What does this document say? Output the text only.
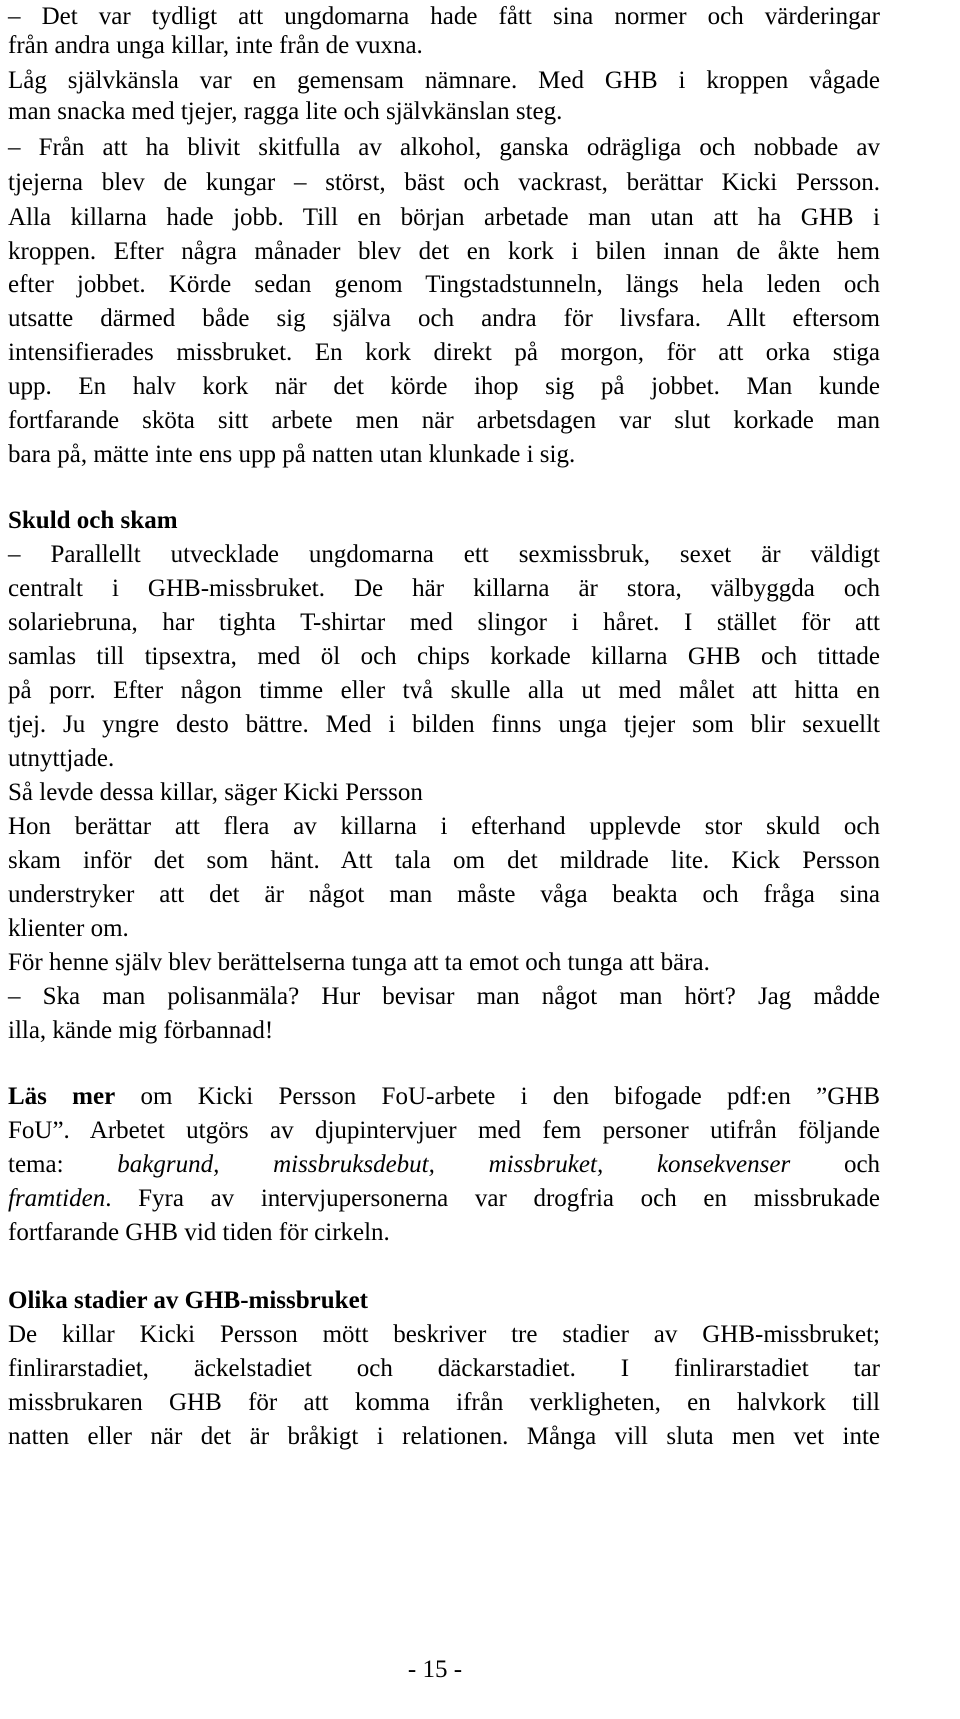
– Det var tydligt att ungdomarna hade fått sina normer och värderingar
från andra unga killar, inte från de vuxna.
Låg självkänsla var en gemensam nämnare. Med GHB i kroppen vågade
man snacka med tjejer, ragga lite och självkänslan steg.
– Från att ha blivit skitfulla av alkohol, ganska odrägliga och nobbade av
tjejerna blev de kungar – störst, bäst och vackrast, berättar Kicki Persson.
Alla killarna hade jobb. Till en början arbetade man utan att ha GHB i
kroppen. Efter några månader blev det en kork i bilen innan de åkte hem
efter jobbet. Körde sedan genom Tingstadstunneln, längs hela leden och
utsatte därmed både sig själva och andra för livsfara. Allt eftersom
intensifierades missbruket. En kork direkt på morgon, för att orka stiga
upp. En halv kork när det körde ihop sig på jobbet. Man kunde
fortfarande sköta sitt arbete men när arbetsdagen var slut korkade man
bara på, mätte inte ens upp på natten utan klunkade i sig.
Skuld och skam
– Parallellt utvecklade ungdomarna ett sexmissbruk, sexet är väldigt
centralt i GHB-missbruket. De här killarna är stora, välbyggda och
solariebruna, har tighta T-shirtar med slingor i håret. I stället för att
samlas till tipsextra, med öl och chips korkade killarna GHB och tittade
på porr. Efter någon timme eller två skulle alla ut med målet att hitta en
tjej. Ju yngre desto bättre. Med i bilden finns unga tjejer som blir sexuellt
utnyttjade.
Så levde dessa killar, säger Kicki Persson
Hon berättar att flera av killarna i efterhand upplevde stor skuld och
skam inför det som hänt. Att tala om det mildrade lite. Kick Persson
understryker att det är något man måste våga beakta och fråga sina
klienter om.
För henne själv blev berättelserna tunga att ta emot och tunga att bära.
– Ska man polisanmäla? Hur bevisar man något man hört? Jag mådde
illa, kände mig förbannad!
Läs mer om Kicki Persson FoU-arbete i den bifogade pdf:en ”GHB
FoU”. Arbetet utgörs av djupintervjuer med fem personer utifrån följande
tema: bakgrund, missbruksdebut, missbruket, konsekvenser och
framtiden. Fyra av intervjupersonerna var drogfria och en missbrukade
fortfarande GHB vid tiden för cirkeln.
Olika stadier av GHB-missbruket
De killar Kicki Persson mött beskriver tre stadier av GHB-missbruket;
finlirarstadiet, äckelstadiet och däckarstadiet. I finlirarstadiet tar
missbrukaren GHB för att komma ifrån verkligheten, en halvkork till
natten eller när det är bråkigt i relationen. Många vill sluta men vet inte
- 15 -
